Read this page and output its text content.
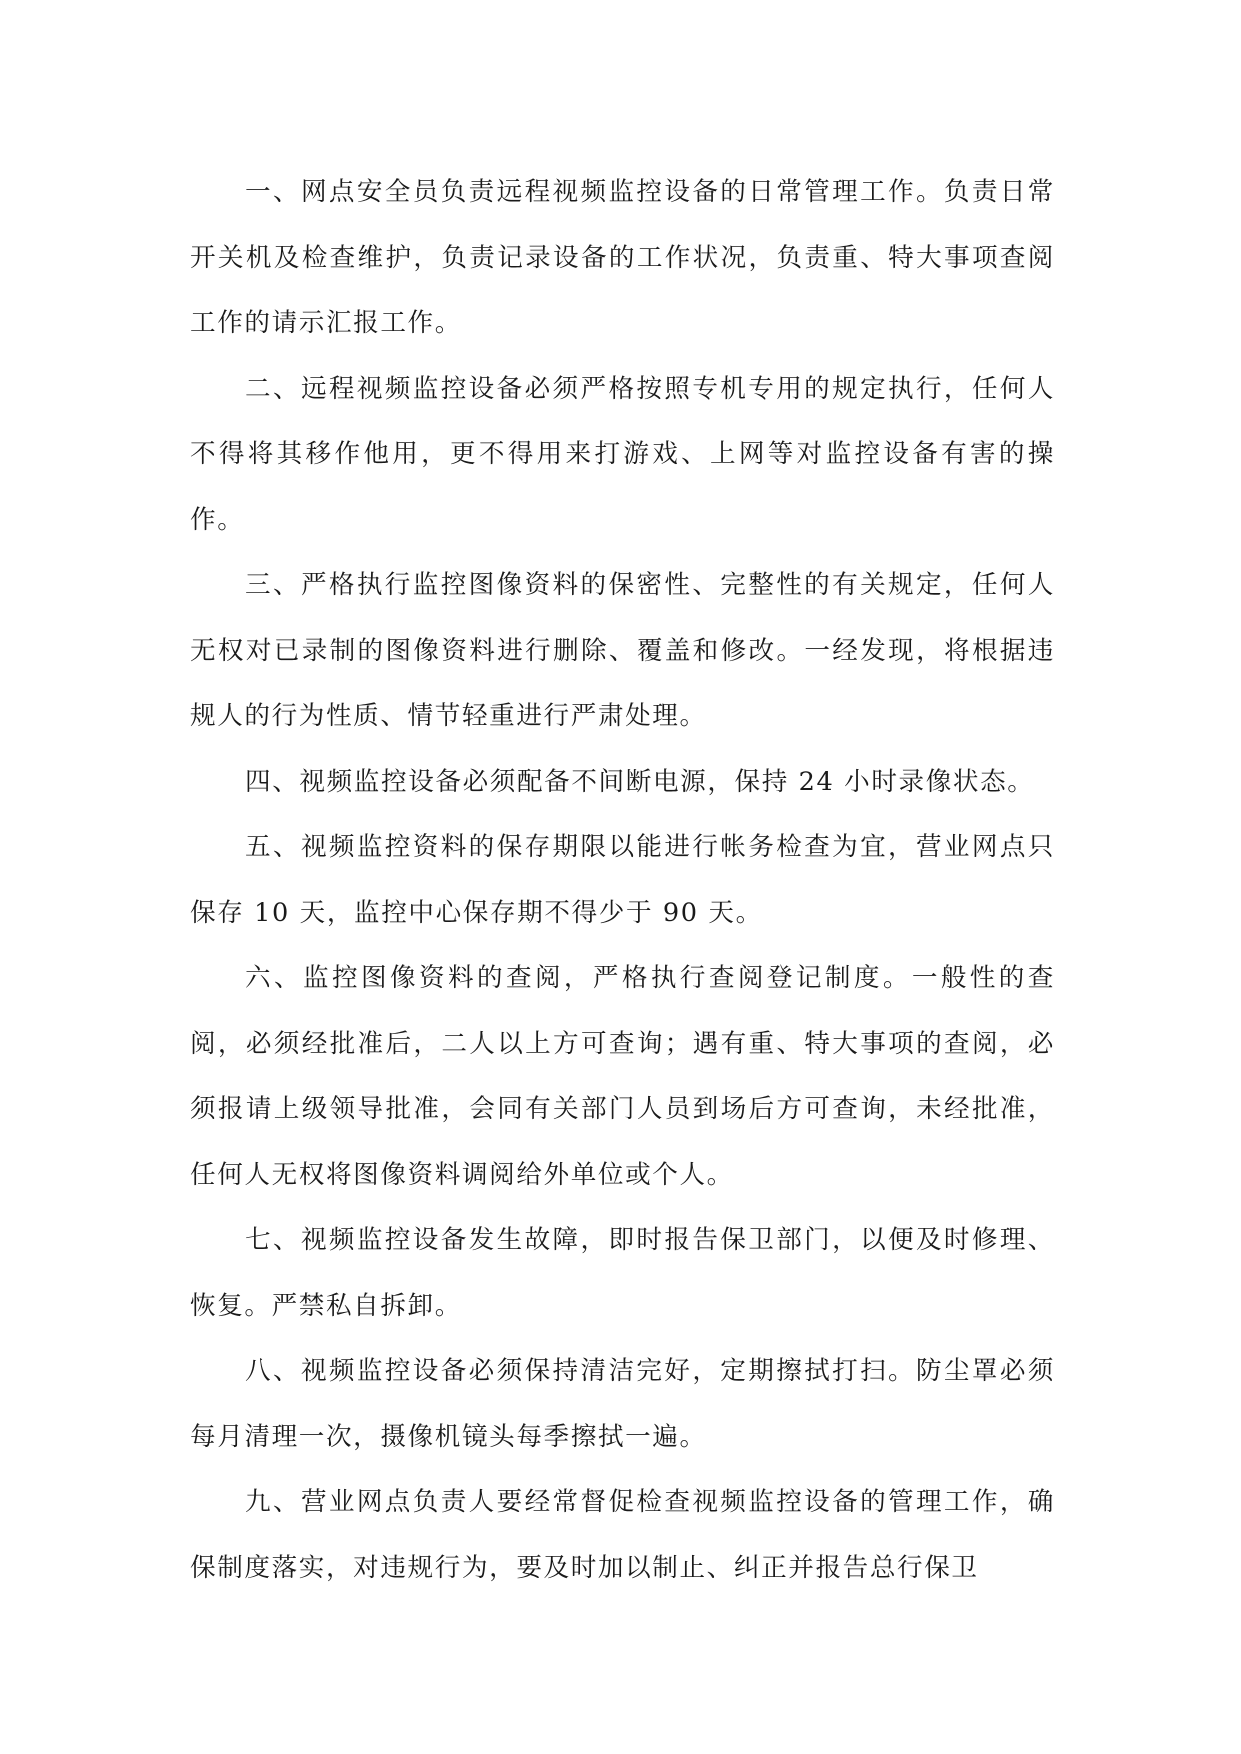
一、网点安全员负责远程视频监控设备的日常管理工作。负责日常开关机及检查维护，负责记录设备的工作状况，负责重、特大事项查阅工作的请示汇报工作。

二、远程视频监控设备必须严格按照专机专用的规定执行，任何人不得将其移作他用，更不得用来打游戏、上网等对监控设备有害的操作。

三、严格执行监控图像资料的保密性、完整性的有关规定，任何人无权对已录制的图像资料进行删除、覆盖和修改。一经发现，将根据违规人的行为性质、情节轻重进行严肃处理。

四、视频监控设备必须配备不间断电源，保持 24 小时录像状态。

五、视频监控资料的保存期限以能进行帐务检查为宜，营业网点只保存 10 天，监控中心保存期不得少于 90 天。

六、监控图像资料的查阅，严格执行查阅登记制度。一般性的查阅，必须经批准后，二人以上方可查询；遇有重、特大事项的查阅，必须报请上级领导批准，会同有关部门人员到场后方可查询，未经批准，任何人无权将图像资料调阅给外单位或个人。

七、视频监控设备发生故障，即时报告保卫部门，以便及时修理、恢复。严禁私自拆卸。

八、视频监控设备必须保持清洁完好，定期擦拭打扫。防尘罩必须每月清理一次，摄像机镜头每季擦拭一遍。

九、营业网点负责人要经常督促检查视频监控设备的管理工作，确保制度落实，对违规行为，要及时加以制止、纠正并报告总行保卫
